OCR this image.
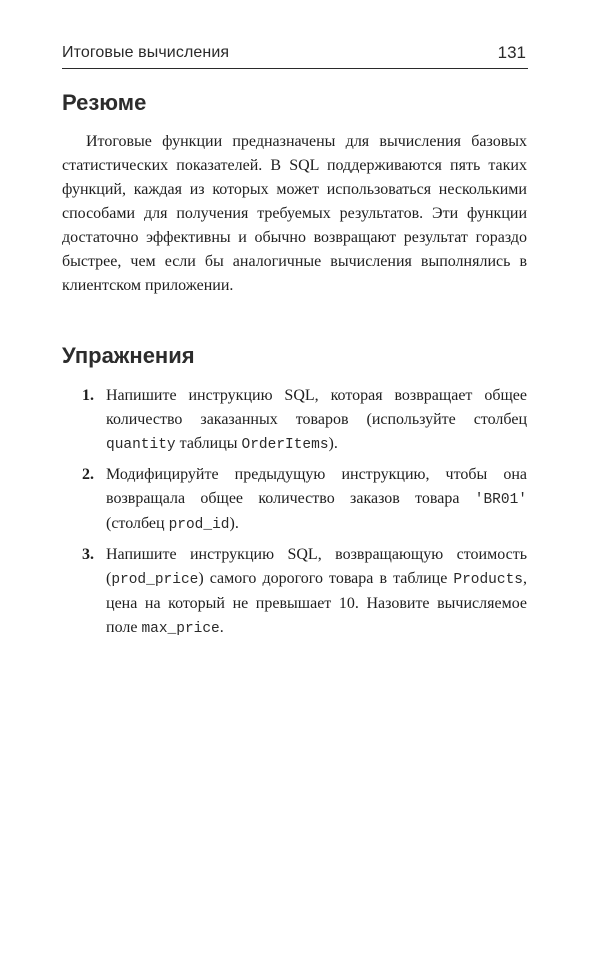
Итоговые вычисления	131
Резюме

Итоговые функции предназначены для вычисления базовых статистических показателей. В SQL поддерживаются пять таких функций, каждая из которых может использоваться несколькими способами для получения требуемых результатов. Эти функции достаточно эффективны и обычно возвращают результат гораздо быстрее, чем если бы аналогичные вычисления выполнялись в клиентском приложении.

Упражнения
1. Напишите инструкцию SQL, которая возвращает общее количество заказанных товаров (используйте столбец quantity таблицы OrderItems).
2. Модифицируйте предыдущую инструкцию, чтобы она возвращала общее количество заказов товара 'BR01' (столбец prod_id).
3. Напишите инструкцию SQL, возвращающую стоимость (prod_price) самого дорогого товара в таблице Products, цена на который не превышает 10. Назовите вычисляемое поле max_price.
